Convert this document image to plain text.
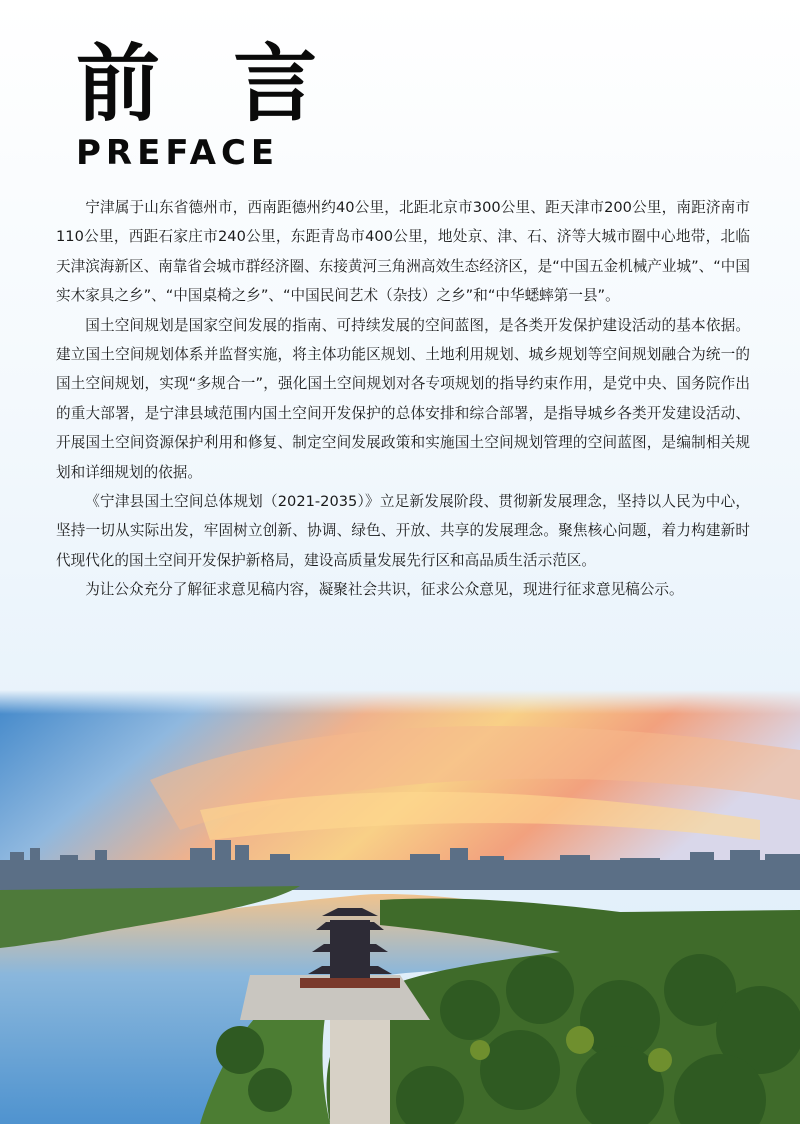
前 言
PREFACE

宁津属于山东省德州市，西南距德州约40公里，北距北京市300公里、距天津市200公里，南距济南市110公里，西距石家庄市240公里，东距青岛市400公里，地处京、津、石、济等大城市圈中心地带，北临天津滨海新区、南靠省会城市群经济圈、东接黄河三角洲高效生态经济区，是“中国五金机械产业城”、“中国实木家具之乡”、“中国桌椅之乡”、“中国民间艺术（杂技）之乡”和“中华蟋蟀第一县”。

国土空间规划是国家空间发展的指南、可持续发展的空间蓝图，是各类开发保护建设活动的基本依据。建立国土空间规划体系并监督实施，将主体功能区规划、土地利用规划、城乡规划等空间规划融合为统一的国土空间规划，实现“多规合一”，强化国土空间规划对各专项规划的指导约束作用，是党中央、国务院作出的重大部署，是宁津县域范围内国土空间开发保护的总体安排和综合部署，是指导城乡各类开发建设活动、开展国土空间资源保护利用和修复、制定空间发展政策和实施国土空间规划管理的空间蓝图，是编制相关规划和详细规划的依据。

《宁津县国土空间总体规划（2021-2035）》立足新发展阶段、贯彻新发展理念，坚持以人民为中心，坚持一切从实际出发，牢固树立创新、协调、绿色、开放、共享的发展理念。聚焦核心问题，着力构建新时代现代化的国土空间开发保护新格局，建设高质量发展先行区和高品质生活示范区。

为让公众充分了解征求意见稿内容，凝聚社会共识，征求公众意见，现进行征求意见稿公示。
